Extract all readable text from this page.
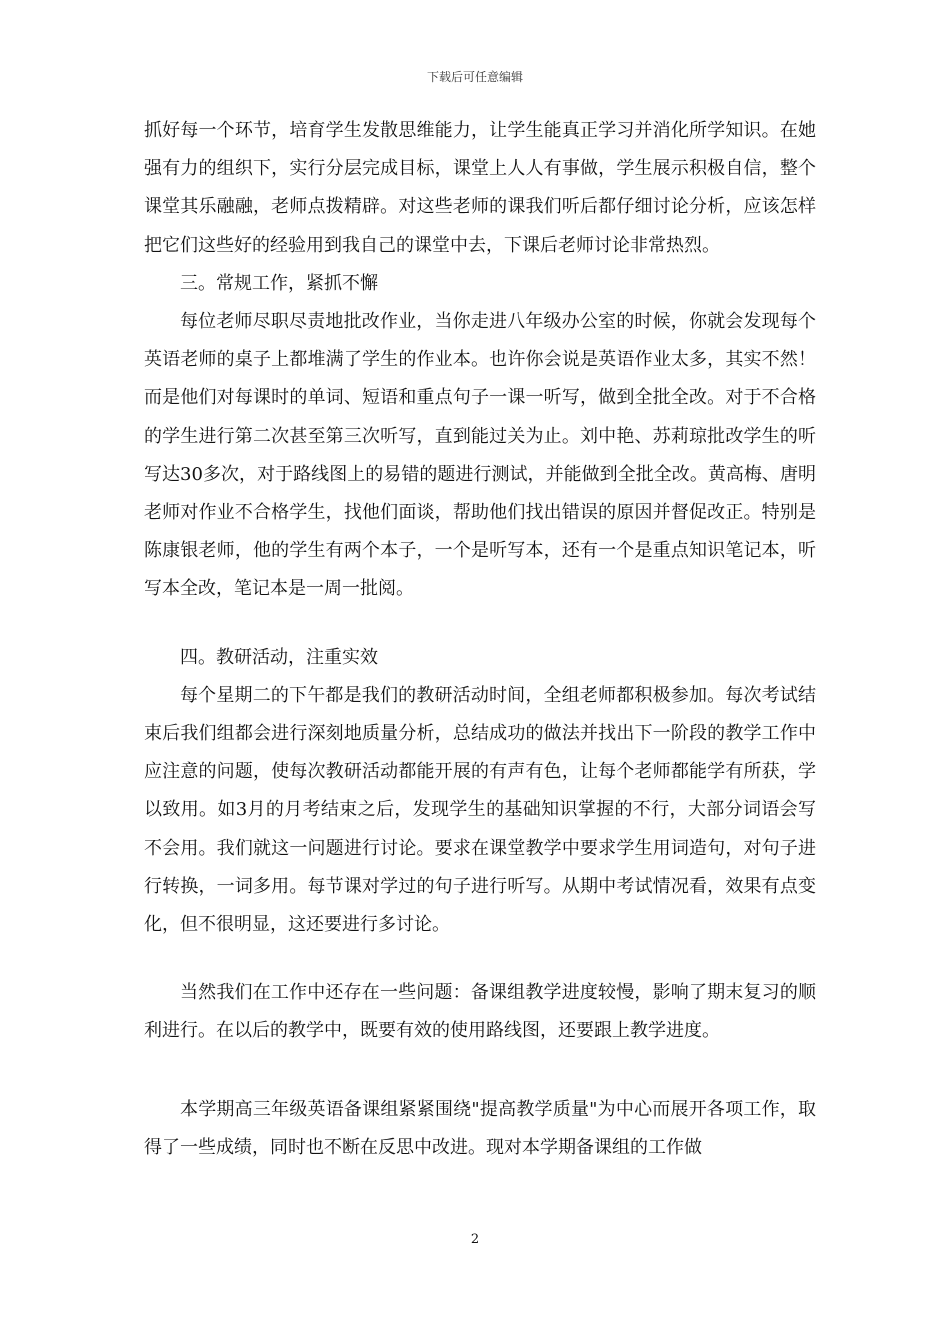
下载后可任意编辑

抓好每一个环节，培育学生发散思维能力，让学生能真正学习并消化所学知识。在她强有力的组织下，实行分层完成目标，课堂上人人有事做，学生展示积极自信，整个课堂其乐融融，老师点拨精辟。对这些老师的课我们听后都仔细讨论分析，应该怎样把它们这些好的经验用到我自己的课堂中去，下课后老师讨论非常热烈。

三。常规工作，紧抓不懈

每位老师尽职尽责地批改作业，当你走进八年级办公室的时候，你就会发现每个英语老师的桌子上都堆满了学生的作业本。也许你会说是英语作业太多，其实不然！而是他们对每课时的单词、短语和重点句子一课一听写，做到全批全改。对于不合格的学生进行第二次甚至第三次听写，直到能过关为止。刘中艳、苏莉琼批改学生的听写达30多次，对于路线图上的易错的题进行测试，并能做到全批全改。黄高梅、唐明老师对作业不合格学生，找他们面谈，帮助他们找出错误的原因并督促改正。特别是陈康银老师，他的学生有两个本子，一个是听写本，还有一个是重点知识笔记本，听写本全改，笔记本是一周一批阅。

四。教研活动，注重实效

每个星期二的下午都是我们的教研活动时间，全组老师都积极参加。每次考试结束后我们组都会进行深刻地质量分析，总结成功的做法并找出下一阶段的教学工作中应注意的问题，使每次教研活动都能开展的有声有色，让每个老师都能学有所获，学以致用。如3月的月考结束之后，发现学生的基础知识掌握的不行，大部分词语会写不会用。我们就这一问题进行讨论。要求在课堂教学中要求学生用词造句，对句子进行转换，一词多用。每节课对学过的句子进行听写。从期中考试情况看，效果有点变化，但不很明显，这还要进行多讨论。

当然我们在工作中还存在一些问题：备课组教学进度较慢，影响了期末复习的顺利进行。在以后的教学中，既要有效的使用路线图，还要跟上教学进度。

本学期高三年级英语备课组紧紧围绕"提高教学质量"为中心而展开各项工作，取得了一些成绩，同时也不断在反思中改进。现对本学期备课组的工作做

2
